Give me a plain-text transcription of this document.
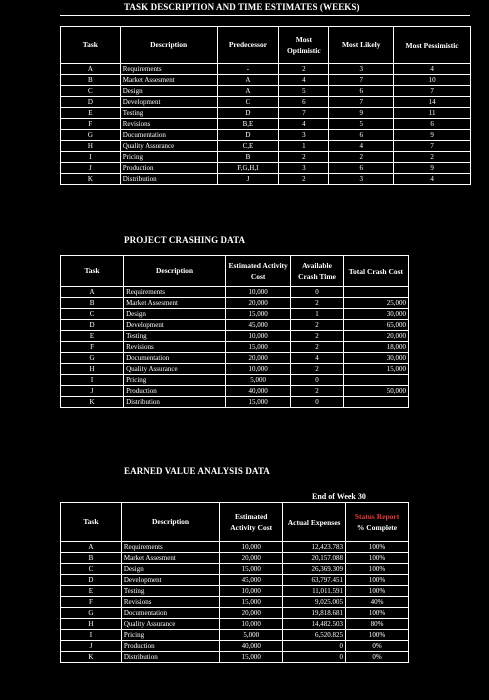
TASK DESCRIPTION AND TIME ESTIMATES (WEEKS)
Task	Description	Predecessor	Most Optimistic	Most Likely	Most Pessimistic
A	Requirements	-	2	3	4
B	Market Assesment	A	4	7	10
C	Design	A	5	6	7
D	Development	C	6	7	14
E	Testing	D	7	9	11
F	Revisions	B,E	4	5	6
G	Documentation	D	3	6	9
H	Quality Assurance	C,E	1	4	7
I	Pricing	B	2	2	2
J	Production	F,G,H,I	3	6	9
K	Distribution	J	2	3	4
PROJECT CRASHING DATA
Task	Description	Estimated Activity Cost	Available Crash Time	Total Crash Cost
A	Requirements	10,000	0	
B	Market Assesment	20,000	2	25,000
C	Design	15,000	1	30,000
D	Development	45,000	2	65,000
E	Testing	10,000	2	20,000
F	Revisions	15,000	2	18,000
G	Documentation	20,000	4	30,000
H	Quality Assurance	10,000	2	15,000
I	Pricing	5,000	0	
J	Production	40,000	2	50,000
K	Distribution	15,000	0	
EARNED VALUE ANALYSIS DATA
End of Week 30
Task	Description	Estimated Activity Cost	Actual Expenses	Status Report
% Complete

A	Requirements	10,000	12,423.783	100%
B	Market Assesment	20,000	20,157.088	100%
C	Design	15,000	26,369.309	100%
D	Development	45,000	63,797.451	100%
E	Testing	10,000	11,011.591	100%
F	Revisions	15,000	9,025.005	40%
G	Documentation	20,000	19,818.681	100%
H	Quality Assurance	10,000	14,482.503	80%
I	Pricing	5,000	6,520.825	100%
J	Production	40,000	0	0%
K	Distribution	15,000	0	0%
